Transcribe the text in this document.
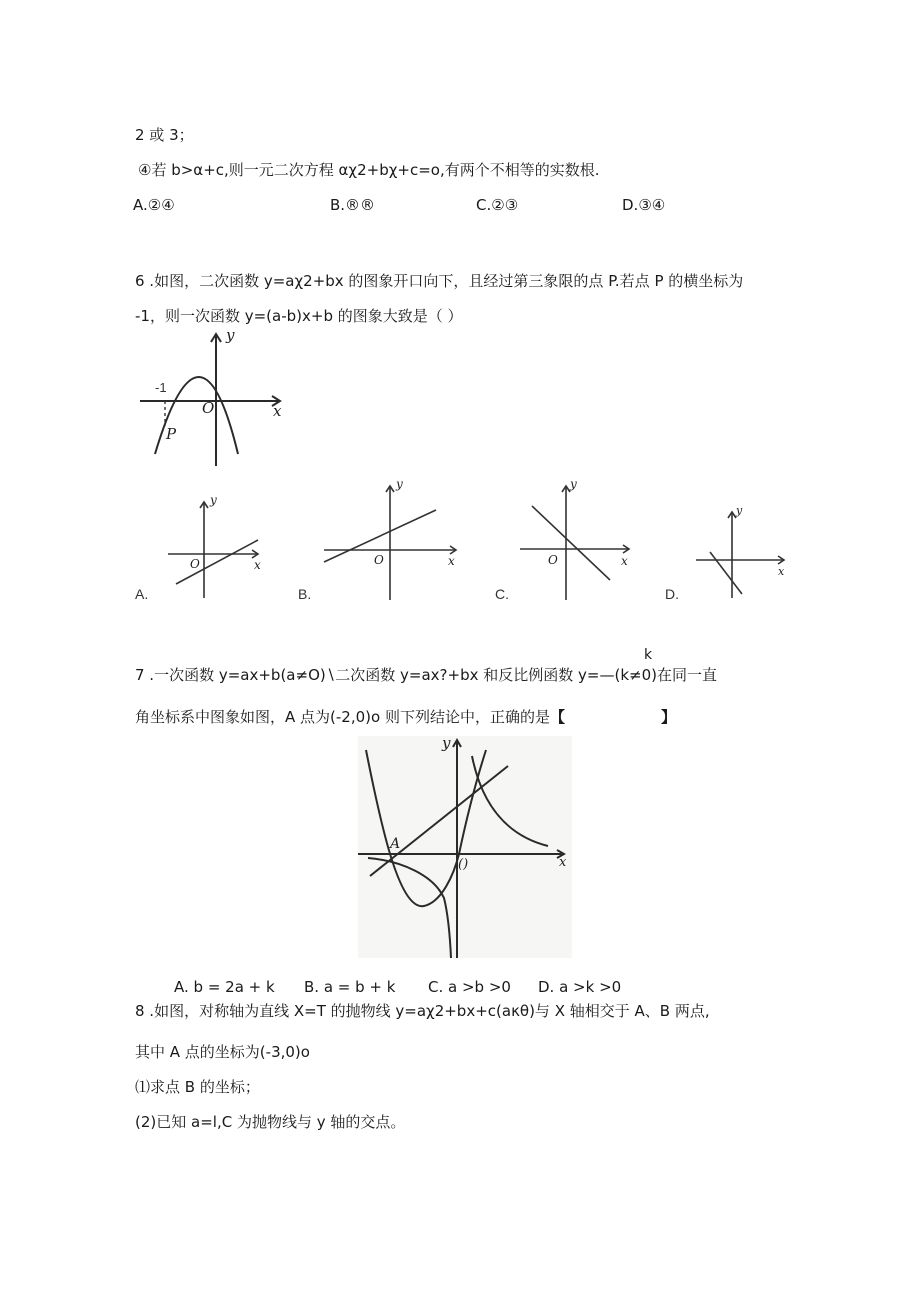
2 或 3；
④若 b>α+c,则一元二次方程 αχ2+bχ+c=o,有两个不相等的实数根.
A.②④	B.®®	C.②③	D.③④
6 .如图，二次函数 y=aχ2+bx 的图象开口向下，且经过第三象限的点 P.若点 P 的横坐标为
-1，则一次函数 y=(a-b)x+b 的图象大致是（ ）
-1
O	x
y
P
O	x
y
A.
O	x
y
B.
O	x
y
C.
x
y
D.
k
7 .一次函数 y=ax+b(a≠O)∖二次函数 y=ax?+bx 和反比例函数 y=—(k≠0)在同一直
角坐标系中图象如图，A 点为(-2,0)o 则下列结论中，正确的是【	】
A
()	x
y
A. b = 2a + k B. a = b + k C. a >b >0 D. a >k >0
8 .如图，对称轴为直线 X=T 的抛物线 y=aχ2+bx+c(aκθ)与 X 轴相交于 A、B 两点,
其中 A 点的坐标为(-3,0)o
⑴求点 B 的坐标；
(2)已知 a=l,C 为抛物线与 y 轴的交点。
